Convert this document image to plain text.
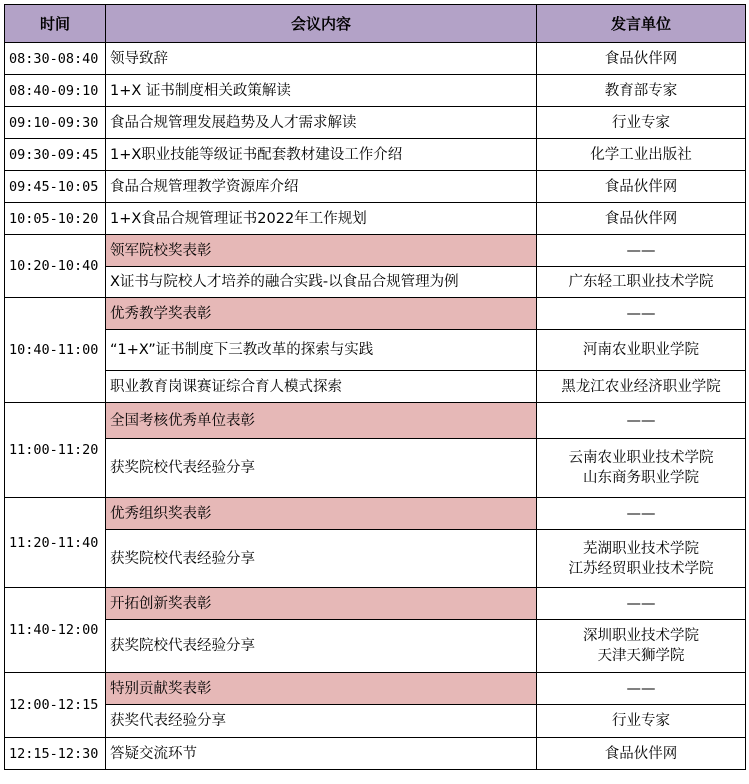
时间	会议内容	发言单位
08:30-08:40	领导致辞	食品伙伴网
08:40-09:10	1+X 证书制度相关政策解读	教育部专家
09:10-09:30	食品合规管理发展趋势及人才需求解读	行业专家
09:30-09:45	1+X职业技能等级证书配套教材建设工作介绍	化学工业出版社
09:45-10:05	食品合规管理教学资源库介绍	食品伙伴网
10:05-10:20	1+X食品合规管理证书2022年工作规划	食品伙伴网
10:20-10:40	领军院校奖表彰	——
	X证书与院校人才培养的融合实践-以食品合规管理为例	广东轻工职业技术学院
10:40-11:00	优秀教学奖表彰	——
	“1+X”证书制度下三教改革的探索与实践	河南农业职业学院
	职业教育岗课赛证综合育人模式探索	黑龙江农业经济职业学院
11:00-11:20	全国考核优秀单位表彰	——
	获奖院校代表经验分享	云南农业职业技术学院
山东商务职业学院

11:20-11:40	优秀组织奖表彰	——
	获奖院校代表经验分享	芜湖职业技术学院
江苏经贸职业技术学院

11:40-12:00	开拓创新奖表彰	——
	获奖院校代表经验分享	深圳职业技术学院
天津天狮学院

12:00-12:15	特别贡献奖表彰	——
	获奖代表经验分享	行业专家
12:15-12:30	答疑交流环节	食品伙伴网
